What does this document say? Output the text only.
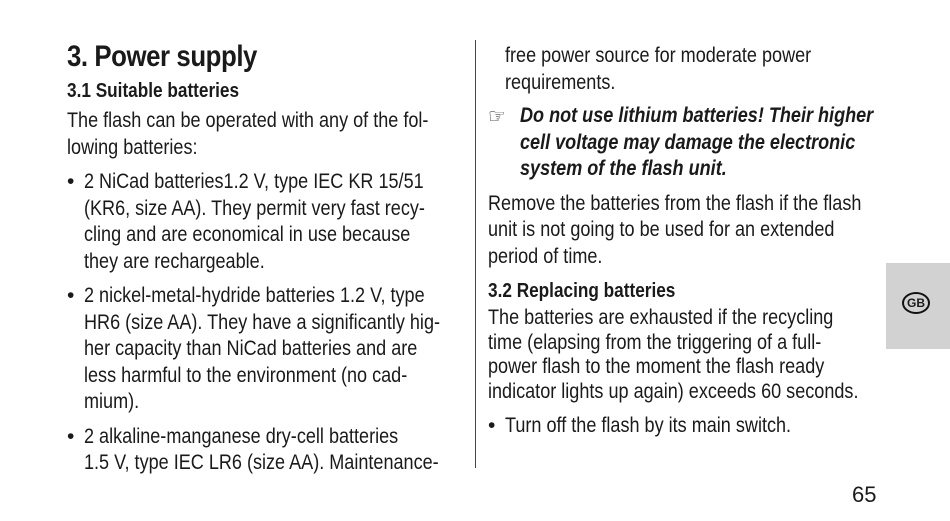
3. Power supply
3.1 Suitable batteries
The flash can be operated with any of the fol-
lowing batteries:
• 2 NiCad batteries1.2 V, type IEC KR 15/51
(KR6, size AA). They permit very fast recy-
cling and are economical in use because
they are rechargeable.
• 2 nickel-metal-hydride batteries 1.2 V, type
HR6 (size AA). They have a significantly hig-
her capacity than NiCad batteries and are
less harmful to the environment (no cad-
mium).
• 2 alkaline-manganese dry-cell batteries
1.5 V, type IEC LR6 (size AA). Maintenance-
free power source for moderate power
requirements.
☞ Do not use lithium batteries! Their higher
cell voltage may damage the electronic
system of the flash unit.
Remove the batteries from the flash if the flash
unit is not going to be used for an extended
period of time.
3.2 Replacing batteries
The batteries are exhausted if the recycling
time (elapsing from the triggering of a full-
power flash to the moment the flash ready
indicator lights up again) exceeds 60 seconds.
• Turn off the flash by its main switch.
GB
65
